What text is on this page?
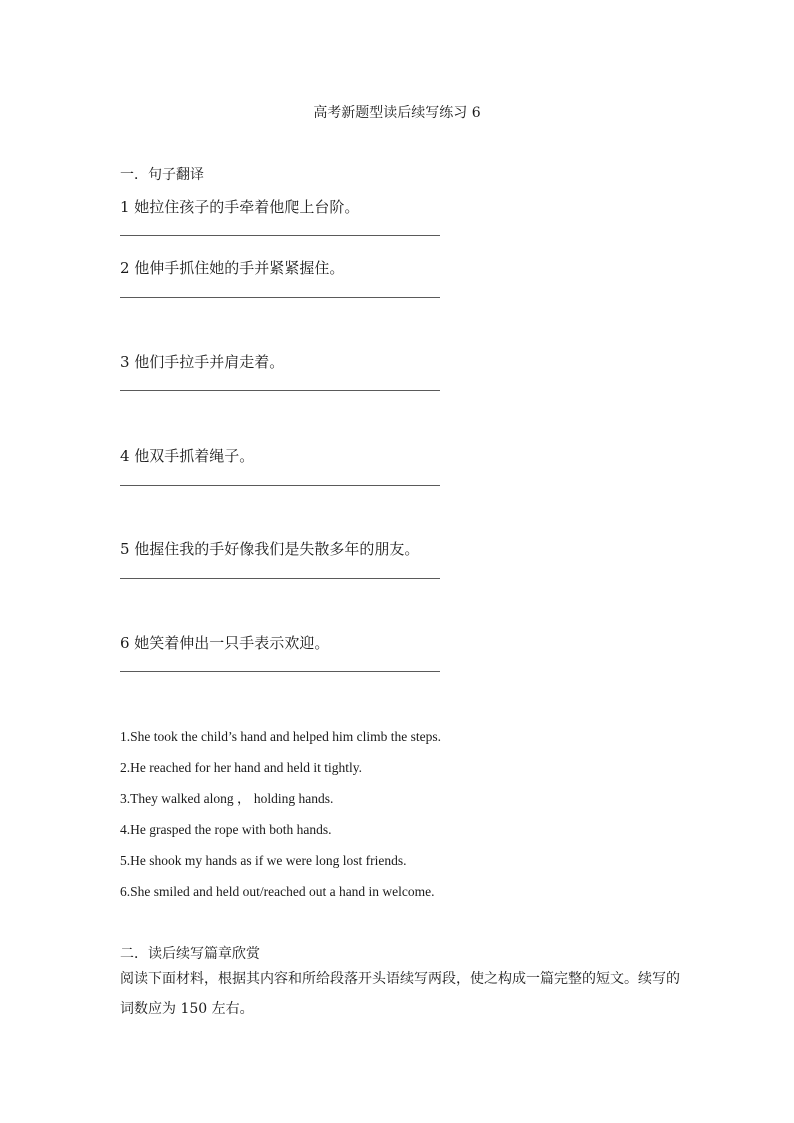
高考新题型读后续写练习 6
一．句子翻译
1 她拉住孩子的手牵着他爬上台阶。
2 他伸手抓住她的手并紧紧握住。
3 他们手拉手并肩走着。
4 他双手抓着绳子。
5 他握住我的手好像我们是失散多年的朋友。
6 她笑着伸出一只手表示欢迎。
1.She took the child’s hand and helped him climb the steps.
2.He reached for her hand and held it tightly.
3.They walked along ， holding hands.
4.He grasped the rope with both hands.
5.He shook my hands as if we were long lost friends.
6.She smiled and held out/reached out a hand in welcome.
二．读后续写篇章欣赏
阅读下面材料，根据其内容和所给段落开头语续写两段，使之构成一篇完整的短文。续写的词数应为 150 左右。
